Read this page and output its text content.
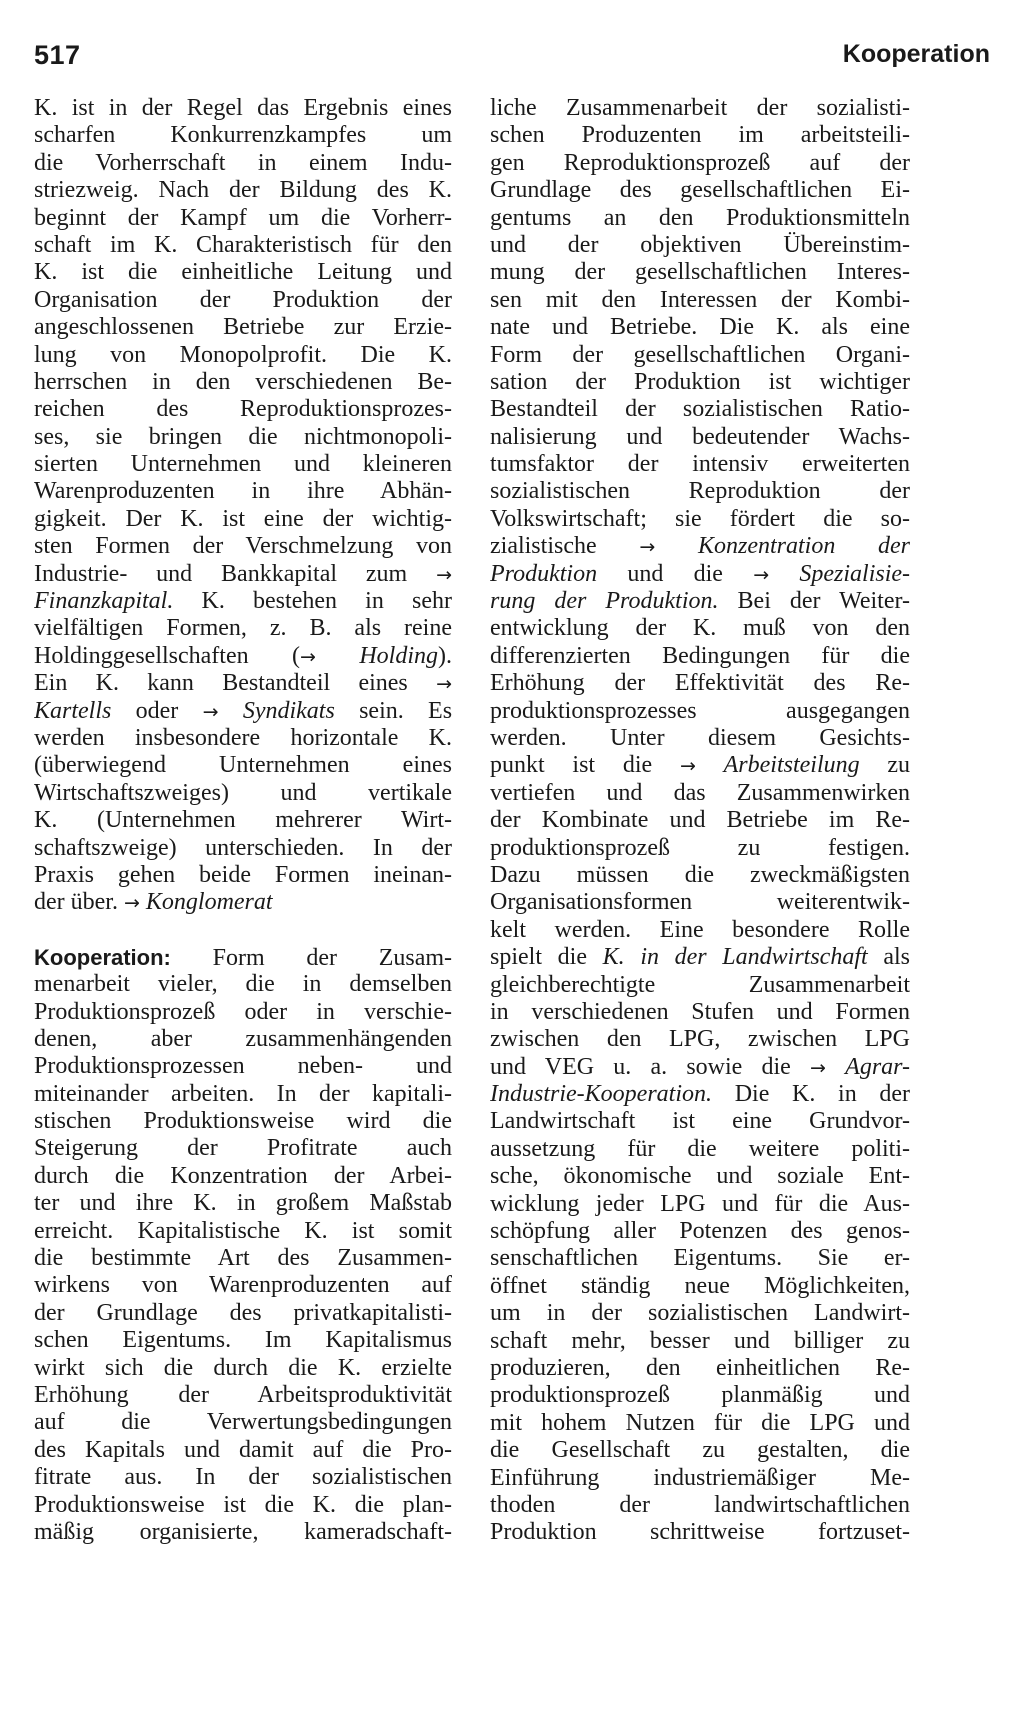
517	Kooperation
K. ist in der Regel das Ergebnis eines
scharfen Konkurrenzkampfes um
die Vorherrschaft in einem Indu-
striezweig. Nach der Bildung des K.
beginnt der Kampf um die Vorherr-
schaft im K. Charakteristisch für den
K. ist die einheitliche Leitung und
Organisation der Produktion der
angeschlossenen Betriebe zur Erzie-
lung von Monopolprofit. Die K.
herrschen in den verschiedenen Be-
reichen des Reproduktionsprozes-
ses, sie bringen die nichtmonopoli-
sierten Unternehmen und kleineren
Warenproduzenten in ihre Abhän-
gigkeit. Der K. ist eine der wichtig-
sten Formen der Verschmelzung von
Industrie- und Bankkapital zum →
Finanzkapital. K. bestehen in sehr
vielfältigen Formen, z. B. als reine
Holdinggesellschaften (→ Holding).
Ein K. kann Bestandteil eines →
Kartells oder → Syndikats sein. Es
werden insbesondere horizontale K.
(überwiegend Unternehmen eines
Wirtschaftszweiges) und vertikale
K. (Unternehmen mehrerer Wirt-
schaftszweige) unterschieden. In der
Praxis gehen beide Formen ineinan-
der über. → Konglomerat
Kooperation: Form der Zusam-
menarbeit vieler, die in demselben
Produktionsprozeß oder in verschie-
denen, aber zusammenhängenden
Produktionsprozessen neben- und
miteinander arbeiten. In der kapitali-
stischen Produktionsweise wird die
Steigerung der Profitrate auch
durch die Konzentration der Arbei-
ter und ihre K. in großem Maßstab
erreicht. Kapitalistische K. ist somit
die bestimmte Art des Zusammen-
wirkens von Warenproduzenten auf
der Grundlage des privatkapitalisti-
schen Eigentums. Im Kapitalismus
wirkt sich die durch die K. erzielte
Erhöhung der Arbeitsproduktivität
auf die Verwertungsbedingungen
des Kapitals und damit auf die Pro-
fitrate aus. In der sozialistischen
Produktionsweise ist die K. die plan-
mäßig organisierte, kameradschaft-
liche Zusammenarbeit der sozialisti-
schen Produzenten im arbeitsteili-
gen Reproduktionsprozeß auf der
Grundlage des gesellschaftlichen Ei-
gentums an den Produktionsmitteln
und der objektiven Übereinstim-
mung der gesellschaftlichen Interes-
sen mit den Interessen der Kombi-
nate und Betriebe. Die K. als eine
Form der gesellschaftlichen Organi-
sation der Produktion ist wichtiger
Bestandteil der sozialistischen Ratio-
nalisierung und bedeutender Wachs-
tumsfaktor der intensiv erweiterten
sozialistischen Reproduktion der
Volkswirtschaft; sie fördert die so-
zialistische → Konzentration der
Produktion und die → Spezialisie-
rung der Produktion. Bei der Weiter-
entwicklung der K. muß von den
differenzierten Bedingungen für die
Erhöhung der Effektivität des Re-
produktionsprozesses ausgegangen
werden. Unter diesem Gesichts-
punkt ist die → Arbeitsteilung zu
vertiefen und das Zusammenwirken
der Kombinate und Betriebe im Re-
produktionsprozeß zu festigen.
Dazu müssen die zweckmäßigsten
Organisationsformen weiterentwik-
kelt werden. Eine besondere Rolle
spielt die K. in der Landwirtschaft als
gleichberechtigte Zusammenarbeit
in verschiedenen Stufen und Formen
zwischen den LPG, zwischen LPG
und VEG u. a. sowie die → Agrar-
Industrie-Kooperation. Die K. in der
Landwirtschaft ist eine Grundvor-
aussetzung für die weitere politi-
sche, ökonomische und soziale Ent-
wicklung jeder LPG und für die Aus-
schöpfung aller Potenzen des genos-
senschaftlichen Eigentums. Sie er-
öffnet ständig neue Möglichkeiten,
um in der sozialistischen Landwirt-
schaft mehr, besser und billiger zu
produzieren, den einheitlichen Re-
produktionsprozeß planmäßig und
mit hohem Nutzen für die LPG und
die Gesellschaft zu gestalten, die
Einführung industriemäßiger Me-
thoden der landwirtschaftlichen
Produktion schrittweise fortzuset-
